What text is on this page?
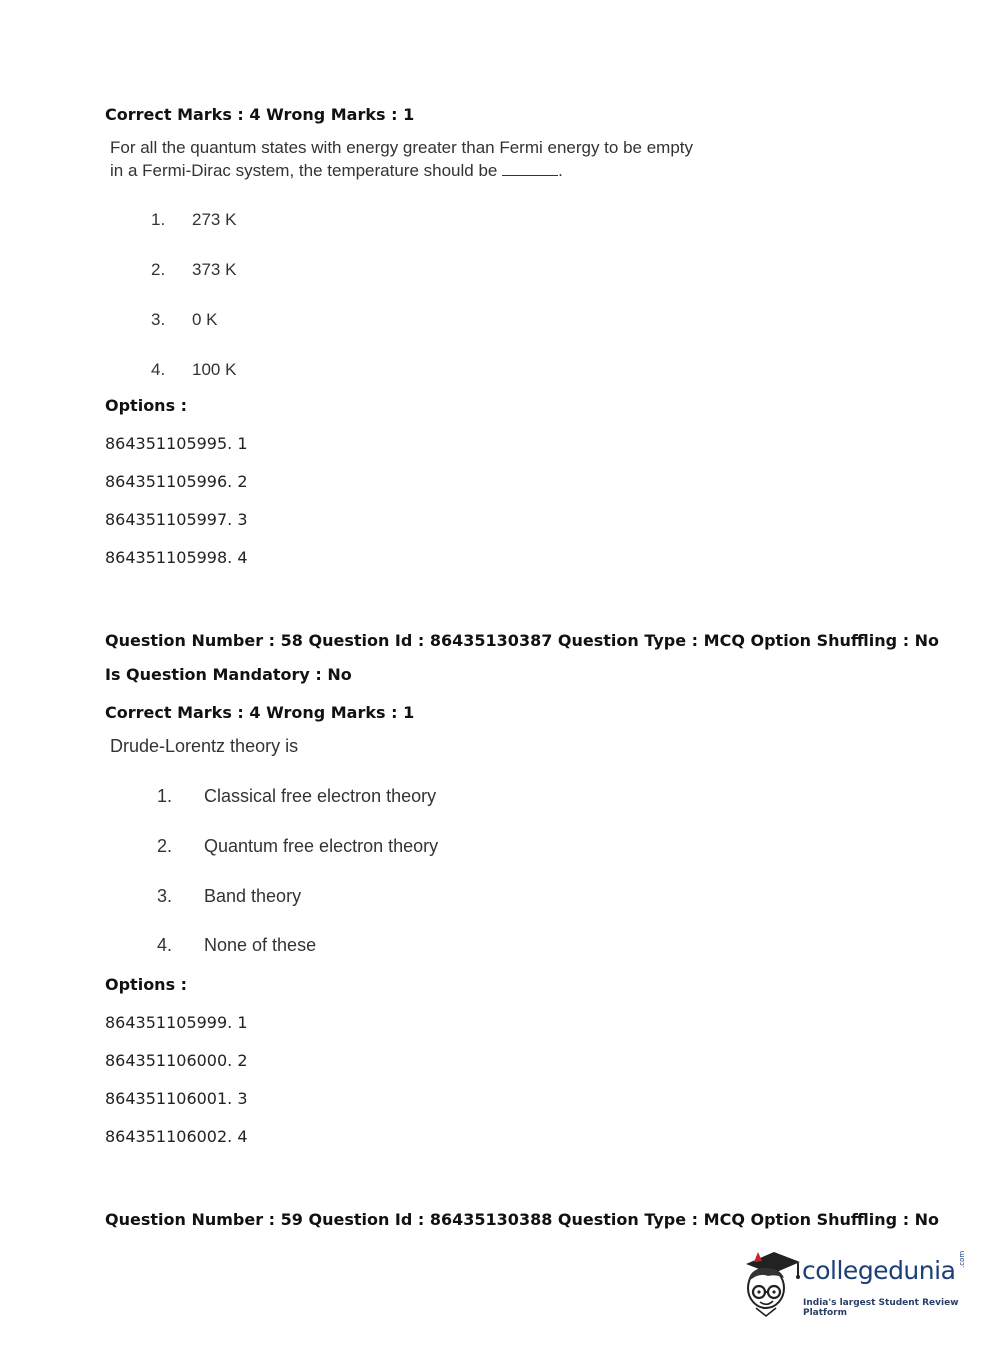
Correct Marks : 4 Wrong Marks : 1
For all the quantum states with energy greater than Fermi energy to be empty
in a Fermi-Dirac system, the temperature should be	.
1. 273 K
2. 373 K
3. 0 K
4. 100 K
Options :
864351105995. 1
864351105996. 2
864351105997. 3
864351105998. 4
Question Number : 58 Question Id : 86435130387 Question Type : MCQ Option Shuffling : No
Is Question Mandatory : No
Correct Marks : 4 Wrong Marks : 1
Drude-Lorentz theory is
1. Classical free electron theory
2. Quantum free electron theory
3. Band theory
4. None of these
Options :
864351105999. 1
864351106000. 2
864351106001. 3
864351106002. 4
Question Number : 59 Question Id : 86435130388 Question Type : MCQ Option Shuffling : No
collegedunia .com
India's largest Student Review Platform
